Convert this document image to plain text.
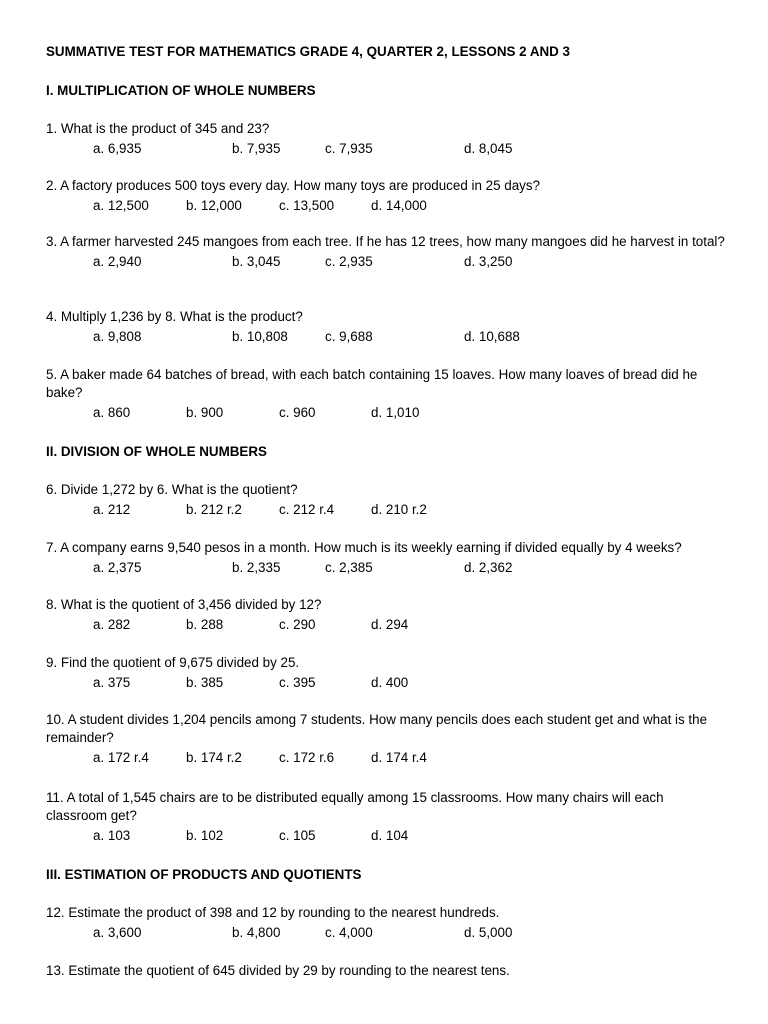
SUMMATIVE TEST FOR MATHEMATICS GRADE 4, QUARTER 2, LESSONS 2 AND 3
I. MULTIPLICATION OF WHOLE NUMBERS

1. What is the product of 345 and 23?

a. 6,935	b. 7,935	c. 7,935	d. 8,045

2. A factory produces 500 toys every day. How many toys are produced in 25 days?

a. 12,500	b. 12,000	c. 13,500	d. 14,000

3. A farmer harvested 245 mangoes from each tree. If he has 12 trees, how many mangoes did he harvest in total?

a. 2,940	b. 3,045	c. 2,935	d. 3,250

4. Multiply 1,236 by 8. What is the product?

a. 9,808	b. 10,808	c. 9,688	d. 10,688

5. A baker made 64 batches of bread, with each batch containing 15 loaves. How many loaves of bread did he bake?

a. 860	b. 900	c. 960	d. 1,010
II. DIVISION OF WHOLE NUMBERS

6. Divide 1,272 by 6. What is the quotient?

a. 212	b. 212 r.2	c. 212 r.4	d. 210 r.2

7. A company earns 9,540 pesos in a month. How much is its weekly earning if divided equally by 4 weeks?

a. 2,375	b. 2,335	c. 2,385	d. 2,362

8. What is the quotient of 3,456 divided by 12?

a. 282	b. 288	c. 290	d. 294

9. Find the quotient of 9,675 divided by 25.

a. 375	b. 385	c. 395	d. 400

10. A student divides 1,204 pencils among 7 students. How many pencils does each student get and what is the remainder?

a. 172 r.4	b. 174 r.2	c. 172 r.6	d. 174 r.4

11. A total of 1,545 chairs are to be distributed equally among 15 classrooms. How many chairs will each classroom get?

a. 103	b. 102	c. 105	d. 104
III. ESTIMATION OF PRODUCTS AND QUOTIENTS

12. Estimate the product of 398 and 12 by rounding to the nearest hundreds.

a. 3,600	b. 4,800	c. 4,000	d. 5,000

13. Estimate the quotient of 645 divided by 29 by rounding to the nearest tens.
